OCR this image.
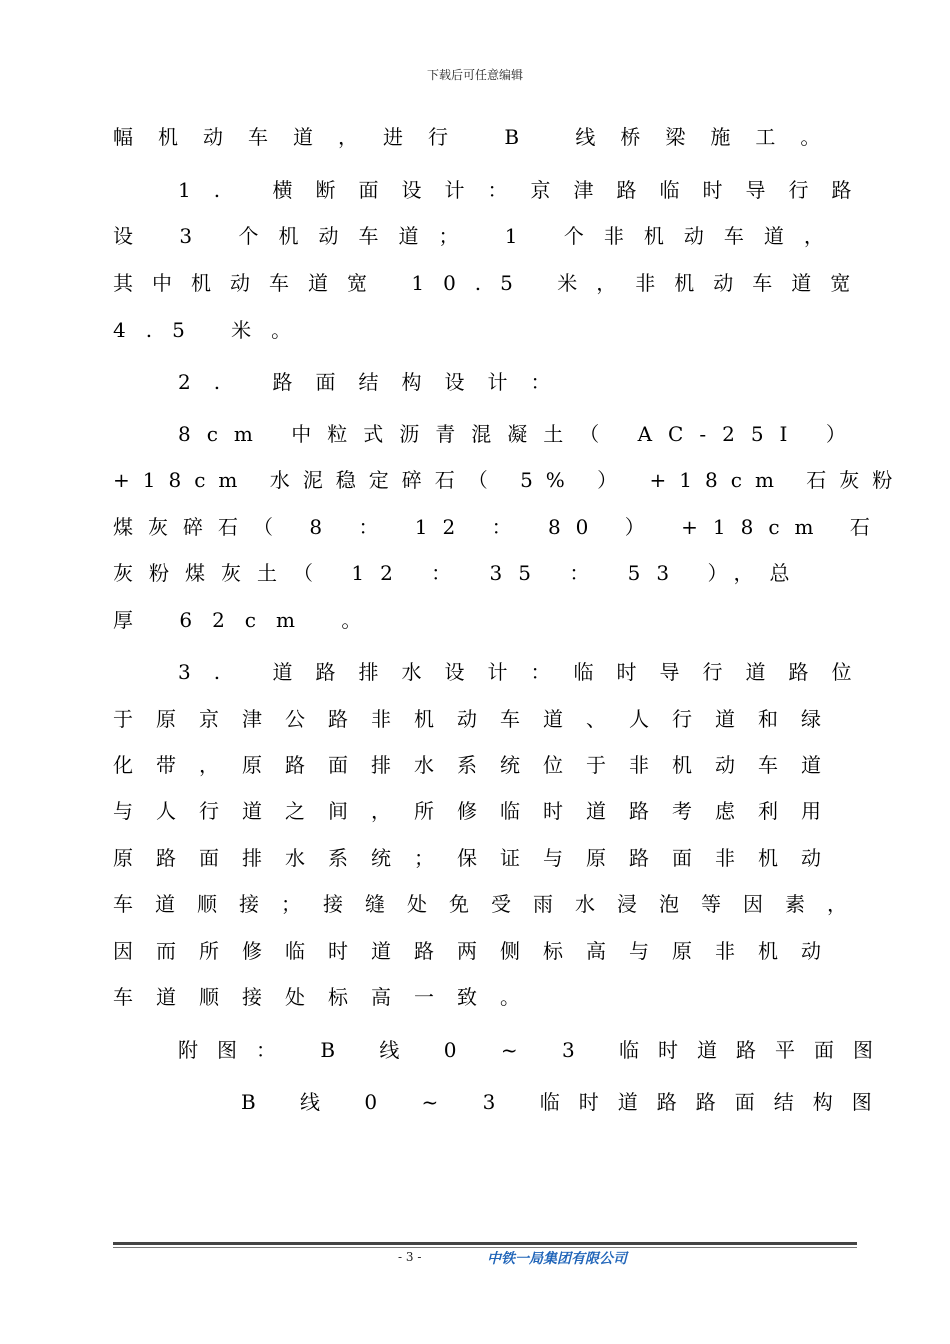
下载后可任意编辑
幅机动车道，进行 B 线桥梁施工。
1. 横断面设计：京津路临时导行路
设 3 个机动车道； 1 个非机动车道，
其中机动车道宽 10.5 米，非机动车道宽
4.5 米。
2. 路面结构设计：
8cm 中粒式沥青混凝土（ AC-25I ）
+18cm 水泥稳定碎石（ 5% ） +18cm 石灰粉
煤灰碎石（ 8 ： 12 ： 80 ） +18cm 石
灰粉煤灰土（ 12 ： 35 ： 53 ），总
厚 62cm 。
3. 道路排水设计：临时导行道路位
于原京津公路非机动车道、人行道和绿
化带，原路面排水系统位于非机动车道
与人行道之间，所修临时道路考虑利用
原路面排水系统；保证与原路面非机动
车道顺接；接缝处免受雨水浸泡等因素，
因而所修临时道路两侧标高与原非机动
车道顺接处标高一致。
附图： B 线 0 ~ 3 临时道路平面图
B 线 0 ~ 3 临时道路路面结构图
- 3 -	中铁一局集团有限公司
